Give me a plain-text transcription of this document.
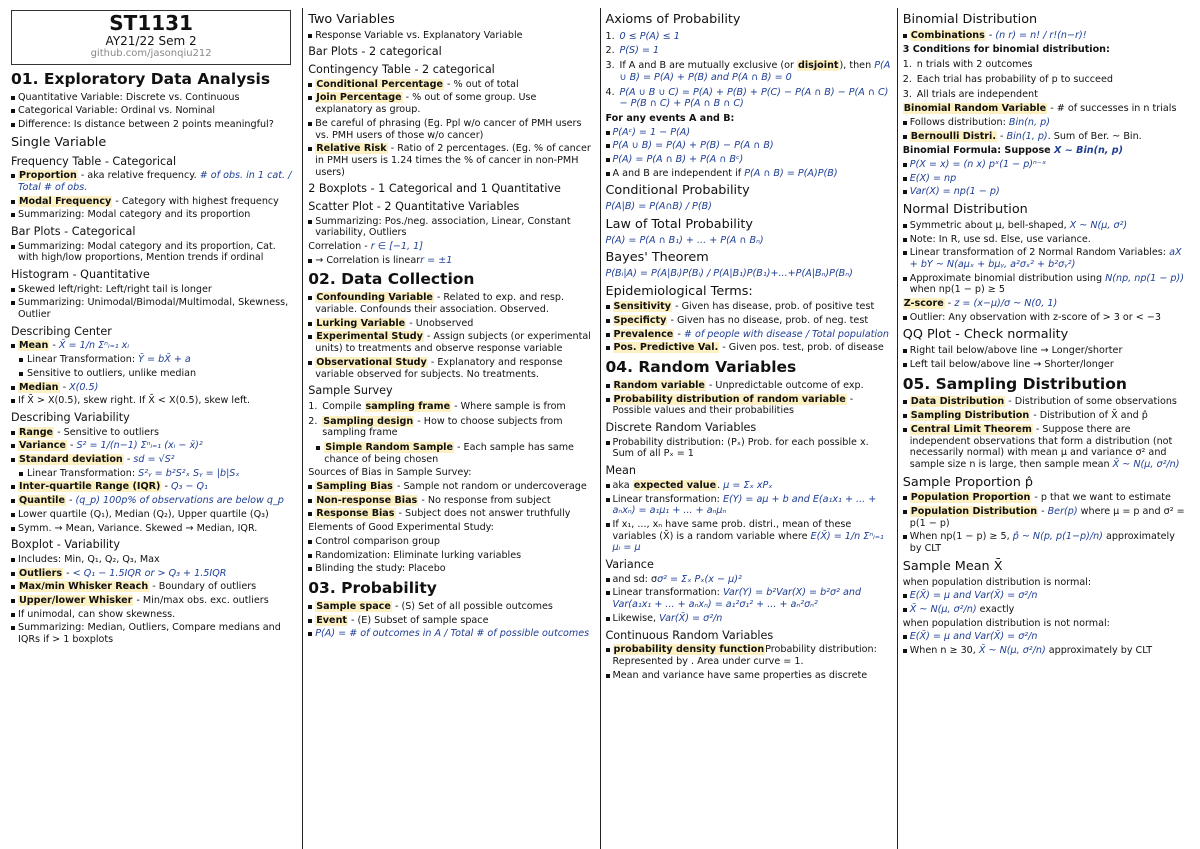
ST1131
AY21/22 Sem 2
github.com/jasonqiu212
01. Exploratory Data Analysis
Quantitative Variable: Discrete vs. Continuous
Categorical Variable: Ordinal vs. Nominal
Difference: Is distance between 2 points meaningful?
Single Variable
Frequency Table - Categorical
Proportion - aka relative frequency. # of obs. in 1 cat. / Total # of obs.
Modal Frequency - Category with highest frequency
Summarizing: Modal category and its proportion
Bar Plots - Categorical
Summarizing: Modal category and its proportion, Cat. with high/low proportions, Mention trends if ordinal
Histogram - Quantitative
Skewed left/right: Left/right tail is longer
Summarizing: Unimodal/Bimodal/Multimodal, Skewness, Outlier
Describing Center
Mean - X̄ = 1/n Σⁿᵢ₌₁ xᵢ
Linear Transformation: Ȳ = bX̄ + a
Sensitive to outliers, unlike median
Median - X(0.5)
If X̄ > X(0.5), skew right. If X̄ < X(0.5), skew left.
Describing Variability
Range - Sensitive to outliers
Variance - S² = 1/(n−1) Σⁿᵢ₌₁ (xᵢ − x̄)²
Standard deviation - sd = √S²
Linear Transformation: S²ᵧ = b²S²ₓ Sᵧ = |b|Sₓ
Inter-quartile Range (IQR) - Q₃ − Q₁
Quantile - (q_p) 100p% of observations are below q_p
Lower quartile (Q₁), Median (Q₂), Upper quartile (Q₃)
Symm. → Mean, Variance. Skewed → Median, IQR.
Boxplot - Variability
Includes: Min, Q₁, Q₂, Q₃, Max
Outliers - < Q₁ − 1.5IQR or > Q₃ + 1.5IQR
Max/min Whisker Reach - Boundary of outliers
Upper/lower Whisker - Min/max obs. exc. outliers
If unimodal, can show skewness.
Summarizing: Median, Outliers, Compare medians and IQRs if > 1 boxplots
Two Variables
Response Variable vs. Explanatory Variable
Bar Plots - 2 categorical
Contingency Table - 2 categorical
Conditional Percentage - % out of total
Join Percentage - % out of some group. Use explanatory as group.
Be careful of phrasing (Eg. Ppl w/o cancer of PMH users vs. PMH users of those w/o cancer)
Relative Risk - Ratio of 2 percentages. (Eg. % of cancer in PMH users is 1.24 times the % of cancer in non-PMH users)
2 Boxplots - 1 Categorical and 1 Quantitative
Scatter Plot - 2 Quantitative Variables
Summarizing: Pos./neg. association, Linear, Constant variability, Outliers
Correlation - r ∈ [−1, 1]
→ Correlation is linearr = ±1
02. Data Collection
Confounding Variable - Related to exp. and resp. variable. Confounds their association. Observed.
Lurking Variable - Unobserved
Experimental Study - Assign subjects (or experimental units) to treatments and observe response variable
Observational Study - Explanatory and response variable observed for subjects. No treatments.
Sample Survey
1. Compile sampling frame - Where sample is from
2. Sampling design - How to choose subjects from sampling frame
Simple Random Sample - Each sample has same chance of being chosen
Sources of Bias in Sample Survey:
Sampling Bias - Sample not random or undercoverage
Non-response Bias - No response from subject
Response Bias - Subject does not answer truthfully
Elements of Good Experimental Study:
Control comparison group
Randomization: Eliminate lurking variables
Blinding the study: Placebo
03. Probability
Sample space - (S) Set of all possible outcomes
Event - (E) Subset of sample space
P(A) = # of outcomes in A / Total # of possible outcomes
Axioms of Probability
1. 0 ≤ P(A) ≤ 1
2. P(S) = 1
3. If A and B are mutually exclusive (or disjoint), then P(A ∪ B) = P(A) + P(B) and P(A ∩ B) = 0
4. P(A ∪ B ∪ C) = P(A) + P(B) + P(C) − P(A ∩ B) − P(A ∩ C) − P(B ∩ C) + P(A ∩ B ∩ C)
For any events A and B:
P(Aᶜ) = 1 − P(A)
P(A ∪ B) = P(A) + P(B) − P(A ∩ B)
P(A) = P(A ∩ B) + P(A ∩ Bᶜ)
A and B are independent if P(A ∩ B) = P(A)P(B)
Conditional Probability
P(A|B) = P(A∩B) / P(B)
Law of Total Probability
P(A) = P(A ∩ B₁) + ... + P(A ∩ Bₙ)
Bayes' Theorem
P(Bᵢ|A) = P(A|Bᵢ)P(Bᵢ) / P(A|B₁)P(B₁)+...+P(A|Bₙ)P(Bₙ)
Epidemiological Terms:
Sensitivity - Given has disease, prob. of positive test
Specificty - Given has no disease, prob. of neg. test
Prevalence - # of people with disease / Total population
Pos. Predictive Val. - Given pos. test, prob. of disease
04. Random Variables
Random variable - Unpredictable outcome of exp.
Probability distribution of random variable - Possible values and their probabilities
Discrete Random Variables
Probability distribution: (Pₓ) Prob. for each possible x. Sum of all Pₓ = 1
Mean
aka expected value. μ = Σₓ xPₓ
Linear transformation: E(Y) = aμ + b and E(a₁x₁ + ... + aₙxₙ) = a₁μ₁ + ... + aₙμₙ
If x₁, ..., xₙ have same prob. distri., mean of these variables (X̄) is a random variable where E(X̄) = 1/n Σⁿᵢ₌₁ μᵢ = μ
Variance
and sd: σσ² = Σₓ Pₓ(x − μ)²
Linear transformation: Var(Y) = b²Var(X) = b²σ² and Var(a₁x₁ + ... + aₙxₙ) = a₁²σ₁² + ... + aₙ²σₙ²
Likewise, Var(X̄) = σ²/n
Continuous Random Variables
probability density functionProbability distribution: Represented by . Area under curve = 1.
Mean and variance have same properties as discrete
Binomial Distribution
Combinations - (n r) = n! / r!(n−r)!
3 Conditions for binomial distribution:
1. n trials with 2 outcomes
2. Each trial has probability of p to succeed
3. All trials are independent
Binomial Random Variable - # of successes in n trials
Follows distribution: Bin(n, p)
Bernoulli Distri. - Bin(1, p). Sum of Ber. ~ Bin.
Binomial Formula: Suppose X ~ Bin(n, p)
P(X = x) = (n x) pˣ(1 − p)ⁿ⁻ˣ
E(X) = np
Var(X) = np(1 − p)
Normal Distribution
Symmetric about μ, bell-shaped, X ~ N(μ, σ²)
Note: In R, use sd. Else, use variance.
Linear transformation of 2 Normal Random Variables: aX + bY ~ N(aμₓ + bμᵧ, a²σₓ² + b²σᵧ²)
Approximate binomial distribution using N(np, np(1 − p)) when np(1 − p) ≥ 5
Z-score - z = (x−μ)/σ ~ N(0, 1)
Outlier: Any observation with z-score of > 3 or < −3
QQ Plot - Check normality
Right tail below/above line → Longer/shorter
Left tail below/above line → Shorter/longer
05. Sampling Distribution
Data Distribution - Distribution of some observations
Sampling Distribution - Distribution of X̄ and p̂
Central Limit Theorem - Suppose there are independent observations that form a distribution (not necessarily normal) with mean μ and variance σ² and sample size n is large, then sample mean X̄ ~ N(μ, σ²/n)
Sample Proportion p̂
Population Proportion - p that we want to estimate
Population Distribution - Ber(p) where μ = p and σ² = p(1 − p)
When np(1 − p) ≥ 5, p̂ ~ N(p, p(1−p)/n) approximately by CLT
Sample Mean X̄
when population distribution is normal:
E(X̄) = μ and Var(X̄) = σ²/n
X̄ ~ N(μ, σ²/n) exactly
when population distribution is not normal:
E(X̄) = μ and Var(X̄) = σ²/n
When n ≥ 30, X̄ ~ N(μ, σ²/n) approximately by CLT
